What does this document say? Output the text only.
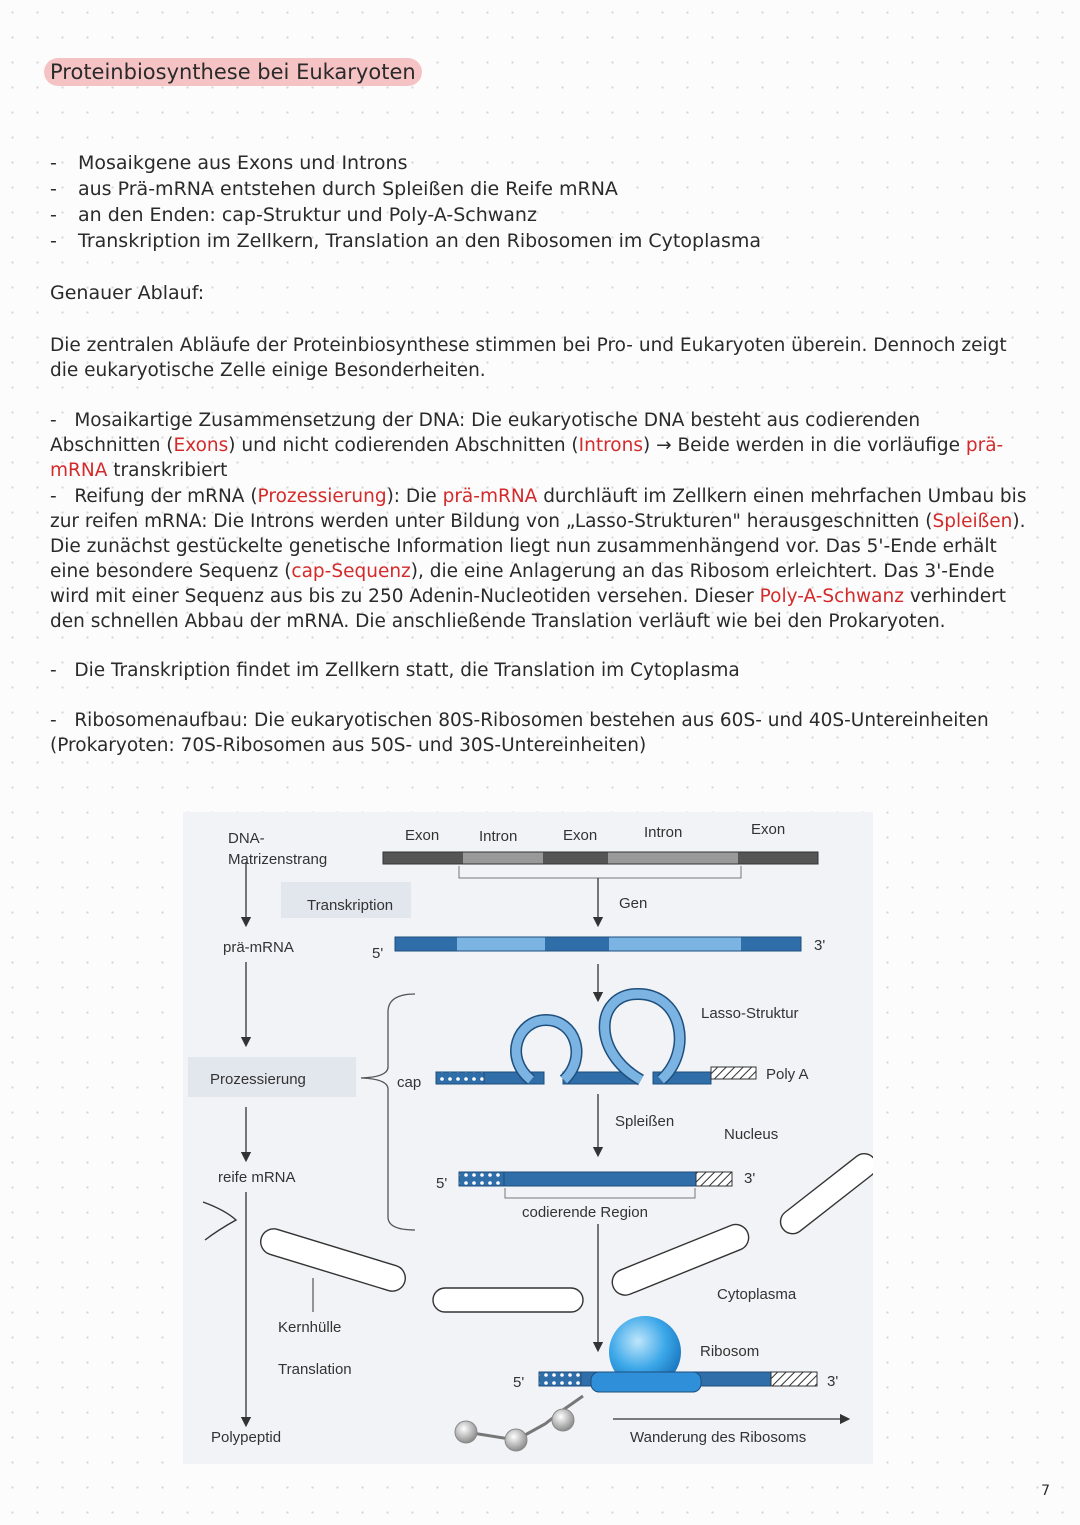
Proteinbiosynthese bei Eukaryoten
-	Mosaikgene aus Exons und Introns
-	aus Prä-mRNA entstehen durch Spleißen die Reife mRNA
-	an den Enden: cap-Struktur und Poly-A-Schwanz
-	Transkription im Zellkern, Translation an den Ribosomen im Cytoplasma
Genauer Ablauf:
Die zentralen Abläufe der Proteinbiosynthese stimmen bei Pro- und Eukaryoten überein. Dennoch zeigt die eukaryotische Zelle einige Besonderheiten.
-   Mosaikartige Zusammensetzung der DNA: Die eukaryotische DNA besteht aus codierenden Abschnitten (Exons) und nicht codierenden Abschnitten (Introns) → Beide werden in die vorläufige prä-mRNA transkribiert
-   Reifung der mRNA (Prozessierung): Die prä-mRNA durchläuft im Zellkern einen mehrfachen Umbau bis zur reifen mRNA: Die Introns werden unter Bildung von „Lasso-Strukturen" herausgeschnitten (Spleißen). Die zunächst gestückelte genetische Information liegt nun zusammenhängend vor. Das 5'-Ende erhält eine besondere Sequenz (cap-Sequenz), die eine Anlagerung an das Ribosom erleichtert. Das 3'-Ende wird mit einer Sequenz aus bis zu 250 Adenin-Nucleotiden versehen. Dieser Poly-A-Schwanz verhindert den schnellen Abbau der mRNA. Die anschließende Translation verläuft wie bei den Prokaryoten.
-   Die Transkription findet im Zellkern statt, die Translation im Cytoplasma
-   Ribosomenaufbau: Die eukaryotischen 80S-Ribosomen bestehen aus 60S- und 40S-Untereinheiten (Prokaryoten: 70S-Ribosomen aus 50S- und 30S-Untereinheiten)
DNA-
Matrizenstrang
Transkription
prä-mRNA
Prozessierung
reife mRNA
Kernhülle
Translation
Polypeptid
Exon	Intron	Exon	Intron	Exon
Gen
5'	3'
cap
Lasso-Struktur
Poly A
Spleißen
Nucleus
5'	3'
codierende Region
Cytoplasma
5'	3'
Ribosom
Wanderung des Ribosoms
7
